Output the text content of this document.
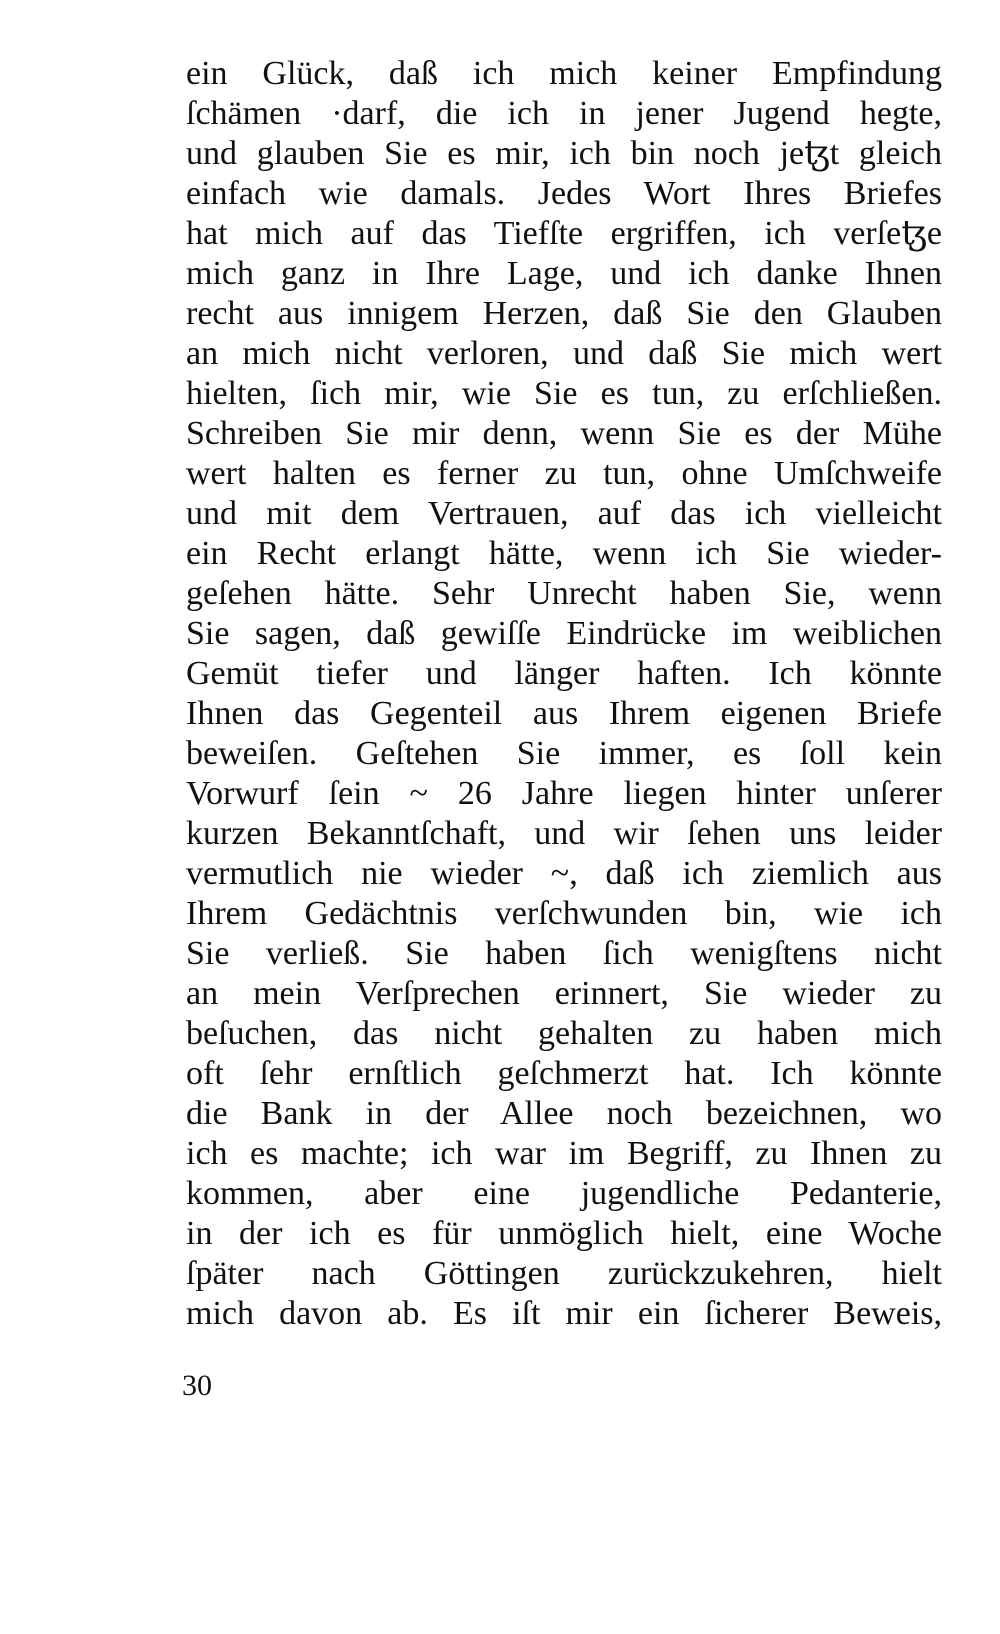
ein Glück, daß ich mich keiner Empfindung
ſchämen ·darf, die ich in jener Jugend hegte,
und glauben Sie es mir, ich bin noch jeꜩt gleich
einfach wie damals. Jedes Wort Ihres Briefes
hat mich auf das Tiefſte ergriffen, ich verſeꜩe
mich ganz in Ihre Lage, und ich danke Ihnen
recht aus innigem Herzen, daß Sie den Glauben
an mich nicht verloren, und daß Sie mich wert
hielten, ſich mir, wie Sie es tun, zu erſchließen.
Schreiben Sie mir denn, wenn Sie es der Mühe
wert halten es ferner zu tun, ohne Umſchweife
und mit dem Vertrauen, auf das ich vielleicht
ein Recht erlangt hätte, wenn ich Sie wieder-
geſehen hätte. Sehr Unrecht haben Sie, wenn
Sie sagen, daß gewiſſe Eindrücke im weiblichen
Gemüt tiefer und länger haften. Ich könnte
Ihnen das Gegenteil aus Ihrem eigenen Briefe
beweiſen. Geſtehen Sie immer, es ſoll kein
Vorwurf ſein ~ 26 Jahre liegen hinter unſerer
kurzen Bekanntſchaft, und wir ſehen uns leider
vermutlich nie wieder ~, daß ich ziemlich aus
Ihrem Gedächtnis verſchwunden bin, wie ich
Sie verließ. Sie haben ſich wenigſtens nicht
an mein Verſprechen erinnert, Sie wieder zu
beſuchen, das nicht gehalten zu haben mich
oft ſehr ernſtlich geſchmerzt hat. Ich könnte
die Bank in der Allee noch bezeichnen, wo
ich es machte; ich war im Begriff, zu Ihnen zu
kommen, aber eine jugendliche Pedanterie,
in der ich es für unmöglich hielt, eine Woche
ſpäter nach Göttingen zurückzukehren, hielt
mich davon ab. Es iſt mir ein ſicherer Beweis,
30
